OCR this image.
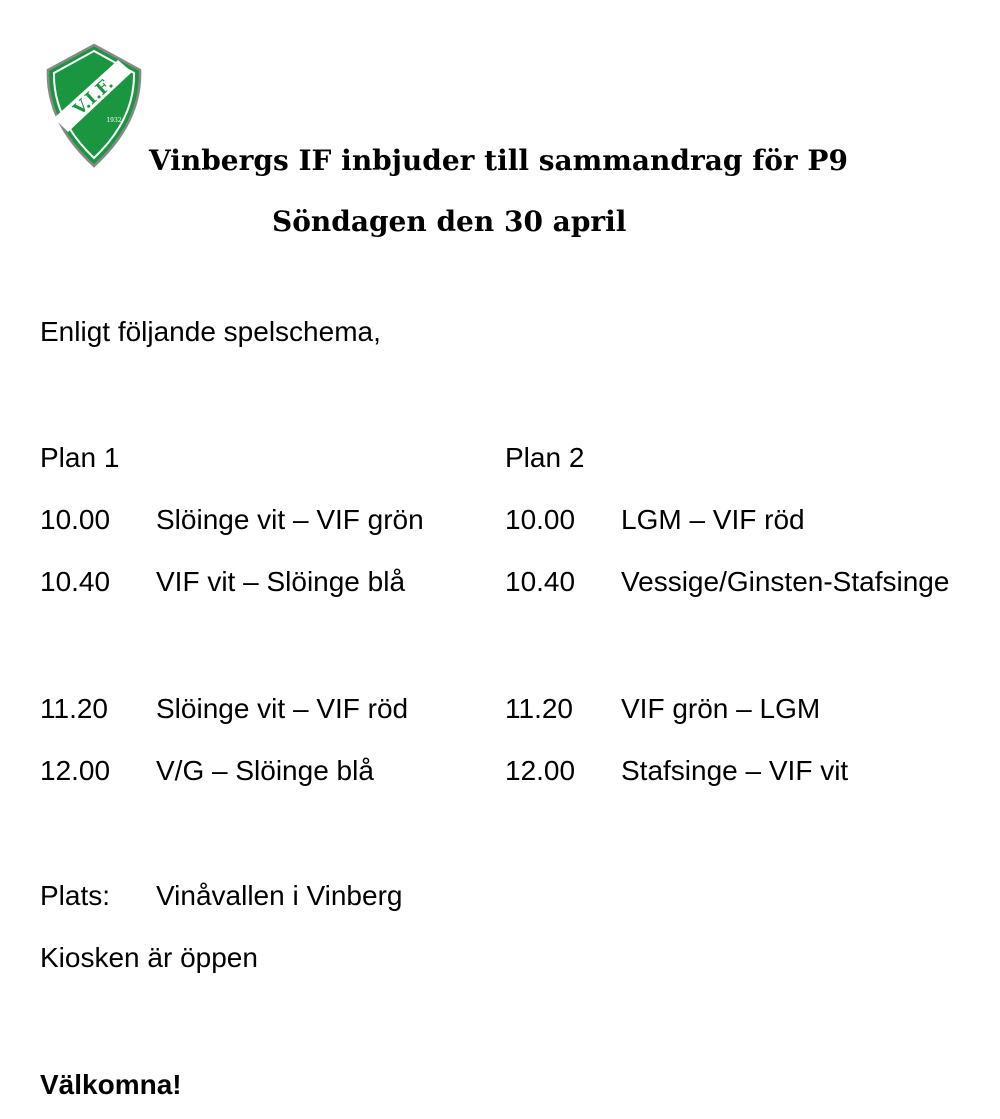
V.I.F.
1932
Vinbergs IF inbjuder till sammandrag för P9
Söndagen den 30 april
Enligt följande spelschema,
Plan 1
10.00 Slöinge vit – VIF grön
10.40 VIF vit – Slöinge blå
11.20 Slöinge vit – VIF röd
12.00 V/G – Slöinge blå
Plan 2
10.00 LGM – VIF röd
10.40 Vessige/Ginsten-Stafsinge
11.20 VIF grön – LGM
12.00 Stafsinge – VIF vit
Plats: Vinåvallen i Vinberg
Kiosken är öppen
Välkomna!
